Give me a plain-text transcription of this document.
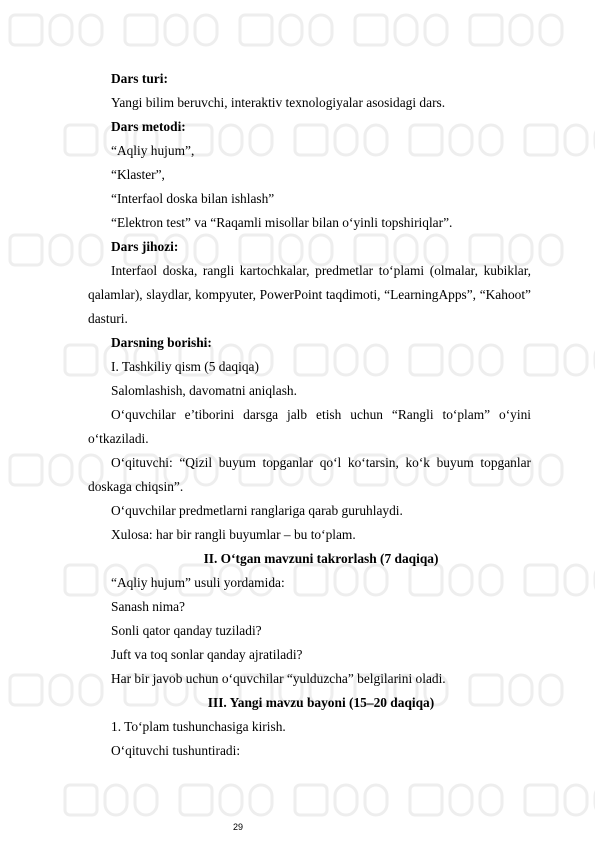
Dars turi:

Yangi bilim beruvchi, interaktiv texnologiyalar asosidagi dars.

Dars metodi:

“Aqliy hujum”,

“Klaster”,

“Interfaol doska bilan ishlash”

“Elektron test” va “Raqamli misollar bilan o‘yinli topshiriqlar”.

Dars jihozi:

Interfaol doska, rangli kartochkalar, predmetlar to‘plami (olmalar, kubiklar, qalamlar), slaydlar, kompyuter, PowerPoint taqdimoti, “LearningApps”, “Kahoot” dasturi.

Darsning borishi:

I. Tashkiliy qism (5 daqiqa)

Salomlashish, davomatni aniqlash.

O‘quvchilar e’tiborini darsga jalb etish uchun “Rangli to‘plam” o‘yini o‘tkaziladi.

O‘qituvchi: “Qizil buyum topganlar qo‘l ko‘tarsin, ko‘k buyum topganlar doskaga chiqsin”.

O‘quvchilar predmetlarni ranglariga qarab guruhlaydi.

Xulosa: har bir rangli buyumlar – bu to‘plam.

II. O‘tgan mavzuni takrorlash (7 daqiqa)

“Aqliy hujum” usuli yordamida:

Sanash nima?

Sonli qator qanday tuziladi?

Juft va toq sonlar qanday ajratiladi?

Har bir javob uchun o‘quvchilar “yulduzcha” belgilarini oladi.

III. Yangi mavzu bayoni (15–20 daqiqa)

1. To‘plam tushunchasiga kirish.

O‘qituvchi tushuntiradi:

29
